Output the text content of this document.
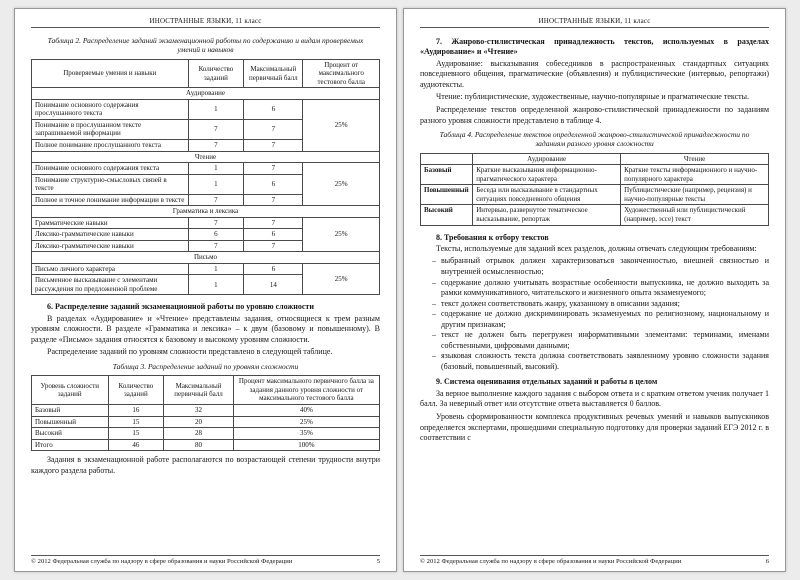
ИНОСТРАННЫЕ ЯЗЫКИ, 11 класс
Таблица 2. Распределение заданий экзаменационной работы по содержанию и видам проверяемых умений и навыков
Проверяемые умения и навыки	Количество заданий	Максимальный первичный балл	Процент от максимального тестового балла
Аудирование			
Понимание основного содержания прослушанного текста	1	6	25%
Понимание в прослушанном тексте запрашиваемой информации	7	7	
Полное понимание прослушанного текста	7	7	
Чтение			
Понимание основного содержания текста	1	7	25%
Понимание структурно-смысловых связей в тексте	1	6	
Полное и точное понимание информации в тексте	7	7	
Грамматика и лексика			
Грамматические навыки	7	7	25%
Лексико-грамматические навыки	6	6	
Лексико-грамматические навыки	7	7	
Письмо			
Письмо личного характера	1	6	25%
Письменное высказывание с элементами рассуждения по предложенной проблеме	1	14	
6. Распределение заданий экзаменационной работы по уровню сложности

В разделах «Аудирование» и «Чтение» представлены задания, относящиеся к трем разным уровням сложности. В разделе «Грамматика и лексика» – к двум (базовому и повышенному). В разделе «Письмо» задания относятся к базовому и высокому уровням сложности.

Распределение заданий по уровням сложности представлено в следующей таблице.

Таблица 3. Распределение заданий по уровням сложности
Уровень сложности заданий	Количество заданий	Максимальный первичный балл	Процент максимального первичного балла за задания данного уровня сложности от максимального тестового балла
Базовый	16	32	40%
Повышенный	15	20	25%
Высокий	15	28	35%
Итого	46	80	100%

Задания в экзаменационной работе располагаются по возрастающей степени трудности внутри каждого раздела работы.

© 2012 Федеральная служба по надзору в сфере образования и науки Российской Федерации	5
ИНОСТРАННЫЕ ЯЗЫКИ, 11 класс
7. Жанрово-стилистическая принадлежность текстов, используемых в разделах «Аудирование» и «Чтение»

Аудирование: высказывания собеседников в распространенных стандартных ситуациях повседневного общения, прагматические (объявления) и публицистические (интервью, репортажи) аудиотексты.

Чтение: публицистические, художественные, научно-популярные и прагматические тексты.

Распределение текстов определенной жанрово-стилистической принадлежности по заданиям разного уровня сложности представлено в таблице 4.

Таблица 4. Распределение текстов определенной жанрово-стилистической принадлежности по заданиям разного уровня сложности
	Аудирование	Чтение
Базовый	Краткие высказывания информационно-прагматического характера	Краткие тексты информационного и научно-популярного характера
Повышенный	Беседа или высказывание в стандартных ситуациях повседневного общения	Публицистические (например, рецензия) и научно-популярные тексты
Высокий	Интервью, развернутое тематическое высказывание, репортаж	Художественный или публицистический (например, эссе) текст
8. Требования к отбору текстов

Тексты, используемые для заданий всех разделов, должны отвечать следующим требованиям:

– выбранный отрывок должен характеризоваться законченностью, внешней связностью и внутренней осмысленностью;
– содержание должно учитывать возрастные особенности выпускника, не должно выходить за рамки коммуникативного, читательского и жизненного опыта экзаменуемого;
– текст должен соответствовать жанру, указанному в описании задания;
– содержание не должно дискриминировать экзаменуемых по религиозному, национальному и другим признакам;
– текст не должен быть перегружен информативными элементами: терминами, именами собственными, цифровыми данными;
– языковая сложность текста должна соответствовать заявленному уровню сложности задания (базовый, повышенный, высокий).
9. Система оценивания отдельных заданий и работы в целом

За верное выполнение каждого задания с выбором ответа и с кратким ответом ученик получает 1 балл. За неверный ответ или отсутствие ответа выставляется 0 баллов.

Уровень сформированности комплекса продуктивных речевых умений и навыков выпускников определяется экспертами, прошедшими специальную подготовку для проверки заданий ЕГЭ 2012 г. в соответствии с

© 2012 Федеральная служба по надзору в сфере образования и науки Российской Федерации	6
